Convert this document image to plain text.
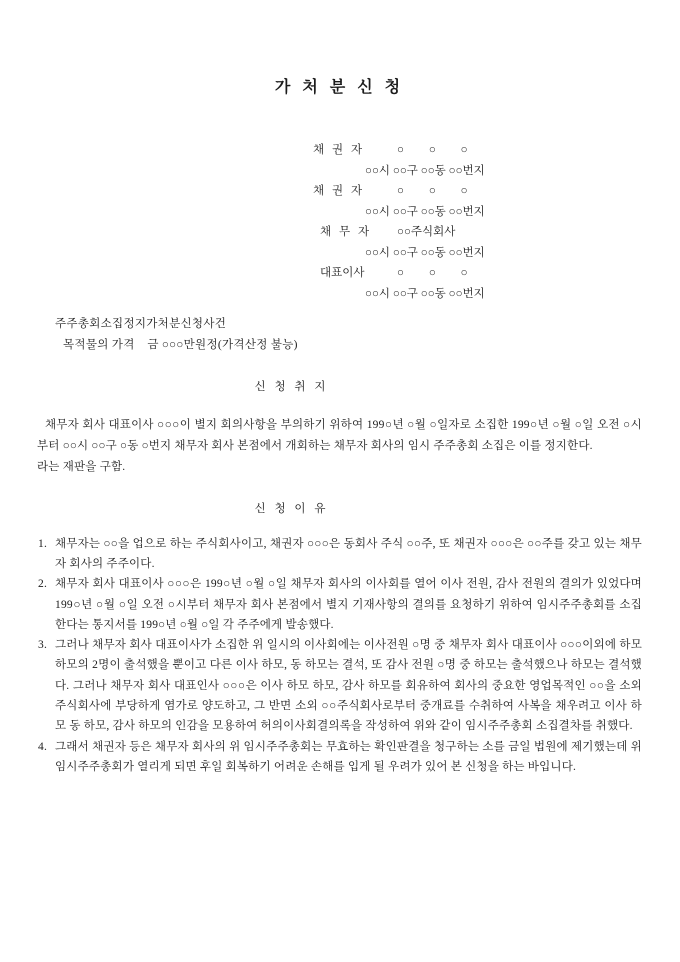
가 처 분 신 청
채 권 자	○ ○ ○
○○시 ○○구 ○○동 ○○번지
채 권 자	○ ○ ○
○○시 ○○구 ○○동 ○○번지
채 무 자 ○○주식회사
○○시 ○○구 ○○동 ○○번지
대표이사	○ ○ ○
○○시 ○○구 ○○동 ○○번지
주주총회소집정지가처분신청사건
목적물의 가격    금 ○○○만원정(가격산정 불능)
신 청 취 지

채무자 회사 대표이사 ○○○이 별지 회의사항을 부의하기 위하여 199○년 ○월 ○일자로 소집한 199○년 ○월 ○일 오전 ○시부터 ○○시 ○○구 ○동 ○번지 채무자 회사 본점에서 개회하는 채무자 회사의 임시 주주총회 소집은 이를 정지한다.

라는 재판을 구함.

신 청 이 유
1. 채무자는 ○○을 업으로 하는 주식회사이고, 채권자 ○○○은 동회사 주식 ○○주, 또 채권자 ○○○은 ○○주를 갖고 있는 채무자 회사의 주주이다.
2. 채무자 회사 대표이사 ○○○은 199○년 ○월 ○일 채무자 회사의 이사회를 열어 이사 전원, 감사 전원의 결의가 있었다며 199○년 ○월 ○일 오전 ○시부터 채무자 회사 본점에서 별지 기재사항의 결의를 요청하기 위하여 임시주주총회를 소집한다는 통지서를 199○년 ○월 ○일 각 주주에게 발송했다.
3. 그러나 채무자 회사 대표이사가 소집한 위 일시의 이사회에는 이사전원 ○명 중 채무자 회사 대표이사 ○○○이외에 하모 하모의 2명이 출석했을 뿐이고 다른 이사 하모, 동 하모는 결석, 또 감사 전원 ○명 중 하모는 출석했으나 하모는 결석했다. 그러나 채무자 회사 대표인사 ○○○은 이사 하모 하모, 감사 하모를 회유하여 회사의 중요한 영업목적인 ○○을 소외 주식회사에 부당하게 염가로 양도하고, 그 반면 소외 ○○주식회사로부터 중개료를 수취하여 사복을 채우려고 이사 하모 동 하모, 감사 하모의 인감을 모용하여 허의이사회결의록을 작성하여 위와 같이 임시주주총회 소집결차를 취했다.
4. 그래서 채권자 등은 채무자 회사의 위 임시주주총회는 무효하는 확인판결을 청구하는 소를 금일 법원에 제기했는데 위 임시주주총회가 열리게 되면 후일 회복하기 어려운 손해를 입게 될 우려가 있어 본 신청을 하는 바입니다.
